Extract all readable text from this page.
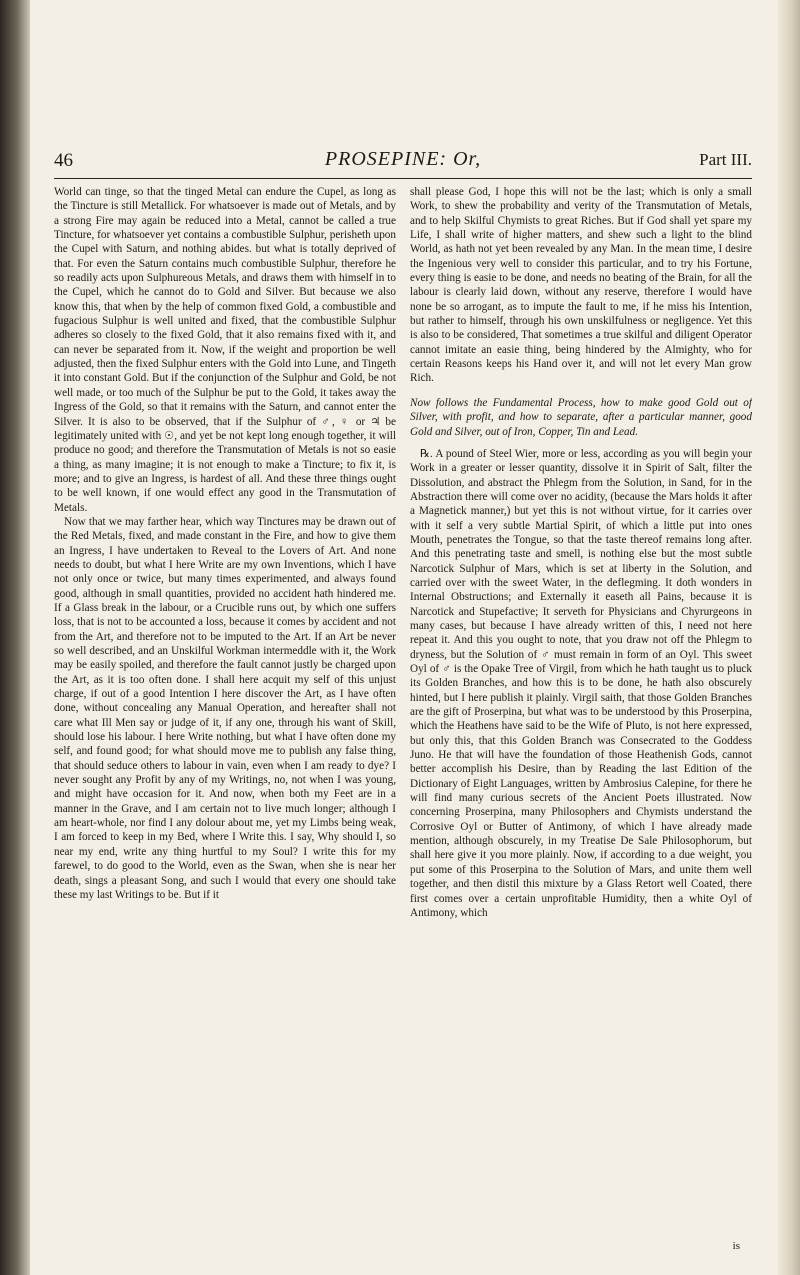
46	PROSEPINE: Or,	Part III.

World can tinge, so that the tinged Metal can endure the Cupel, as long as the Tincture is still Metallick. For whatsoever is made out of Metals, and by a strong Fire may again be reduced into a Metal, cannot be called a true Tincture, for whatsoever yet contains a combustible Sulphur, perisheth upon the Cupel with Saturn, and nothing abides. but what is totally deprived of that. For even the Saturn contains much combustible Sulphur, therefore he so readily acts upon Sulphureous Metals, and draws them with himself in to the Cupel, which he cannot do to Gold and Silver. But because we also know this, that when by the help of common fixed Gold, a combustible and fugacious Sulphur is well united and fixed, that the combustible Sulphur adheres so closely to the fixed Gold, that it also remains fixed with it, and can never be separated from it. Now, if the weight and proportion be well adjusted, then the fixed Sulphur enters with the Gold into Lune, and Tingeth it into constant Gold. But if the conjunction of the Sulphur and Gold, be not well made, or too much of the Sulphur be put to the Gold, it takes away the Ingress of the Gold, so that it remains with the Saturn, and cannot enter the Silver. It is also to be observed, that if the Sulphur of ♂, ♀ or ♃ be legitimately united with ☉, and yet be not kept long enough together, it will produce no good; and therefore the Transmutation of Metals is not so easie a thing, as many imagine; it is not enough to make a Tincture; to fix it, is more; and to give an Ingress, is hardest of all. And these three things ought to be well known, if one would effect any good in the Transmutation of Metals.

Now that we may farther hear, which way Tinctures may be drawn out of the Red Metals, fixed, and made constant in the Fire, and how to give them an Ingress, I have undertaken to Reveal to the Lovers of Art. And none needs to doubt, but what I here Write are my own Inventions, which I have not only once or twice, but many times experimented, and always found good, although in small quantities, provided no accident hath hindered me. If a Glass break in the labour, or a Crucible runs out, by which one suffers loss, that is not to be accounted a loss, because it comes by accident and not from the Art, and therefore not to be imputed to the Art. If an Art be never so well described, and an Unskilful Workman intermeddle with it, the Work may be easily spoiled, and therefore the fault cannot justly be charged upon the Art, as it is too often done. I shall here acquit my self of this unjust charge, if out of a good Intention I here discover the Art, as I have often done, without concealing any Manual Operation, and hereafter shall not care what Ill Men say or judge of it, if any one, through his want of Skill, should lose his labour. I here Write nothing, but what I have often done my self, and found good; for what should move me to publish any false thing, that should seduce others to labour in vain, even when I am ready to dye? I never sought any Profit by any of my Writings, no, not when I was young, and might have occasion for it. And now, when both my Feet are in a manner in the Grave, and I am certain not to live much longer; although I am heart-whole, nor find I any dolour about me, yet my Limbs being weak, I am forced to keep in my Bed, where I Write this. I say, Why should I, so near my end, write any thing hurtful to my Soul? I write this for my farewel, to do good to the World, even as the Swan, when she is near her death, sings a pleasant Song, and such I would that every one should take these my last Writings to be. But if it

shall please God, I hope this will not be the last; which is only a small Work, to shew the probability and verity of the Transmutation of Metals, and to help Skilful Chymists to great Riches. But if God shall yet spare my Life, I shall write of higher matters, and shew such a light to the blind World, as hath not yet been revealed by any Man. In the mean time, I desire the Ingenious very well to consider this particular, and to try his Fortune, every thing is easie to be done, and needs no beating of the Brain, for all the labour is clearly laid down, without any reserve, therefore I would have none be so arrogant, as to impute the fault to me, if he miss his Intention, but rather to himself, through his own unskilfulness or negligence. Yet this is also to be considered, That sometimes a true skilful and diligent Operator cannot imitate an easie thing, being hindered by the Almighty, who for certain Reasons keeps his Hand over it, and will not let every Man grow Rich.

Now follows the Fundamental Process, how to make good Gold out of Silver, with profit, and how to separate, after a particular manner, good Gold and Silver, out of Iron, Copper, Tin and Lead.

℞. A pound of Steel Wier, more or less, according as you will begin your Work in a greater or lesser quantity, dissolve it in Spirit of Salt, filter the Dissolution, and abstract the Phlegm from the Solution, in Sand, for in the Abstraction there will come over no acidity, (because the Mars holds it after a Magnetick manner,) but yet this is not without virtue, for it carries over with it self a very subtle Martial Spirit, of which a little put into ones Mouth, penetrates the Tongue, so that the taste thereof remains long after. And this penetrating taste and smell, is nothing else but the most subtle Narcotick Sulphur of Mars, which is set at liberty in the Solution, and carried over with the sweet Water, in the deflegming. It doth wonders in Internal Obstructions; and Externally it easeth all Pains, because it is Narcotick and Stupefactive; It serveth for Physicians and Chyrurgeons in many cases, but because I have already written of this, I need not here repeat it. And this you ought to note, that you draw not off the Phlegm to dryness, but the Solution of ♂ must remain in form of an Oyl. This sweet Oyl of ♂ is the Opake Tree of Virgil, from which he hath taught us to pluck its Golden Branches, and how this is to be done, he hath also obscurely hinted, but I here publish it plainly. Virgil saith, that those Golden Branches are the gift of Proserpina, but what was to be understood by this Proserpina, which the Heathens have said to be the Wife of Pluto, is not here expressed, but only this, that this Golden Branch was Consecrated to the Goddess Juno. He that will have the foundation of those Heathenish Gods, cannot better accomplish his Desire, than by Reading the last Edition of the Dictionary of Eight Languages, written by Ambrosius Calepine, for there he will find many curious secrets of the Ancient Poets illustrated. Now concerning Proserpina, many Philosophers and Chymists understand the Corrosive Oyl or Butter of Antimony, of which I have already made mention, although obscurely, in my Treatise De Sale Philosophorum, but shall here give it you more plainly. Now, if according to a due weight, you put some of this Proserpina to the Solution of Mars, and unite them well together, and then distil this mixture by a Glass Retort well Coated, there first comes over a certain unprofitable Humidity, then a white Oyl of Antimony, which

is
